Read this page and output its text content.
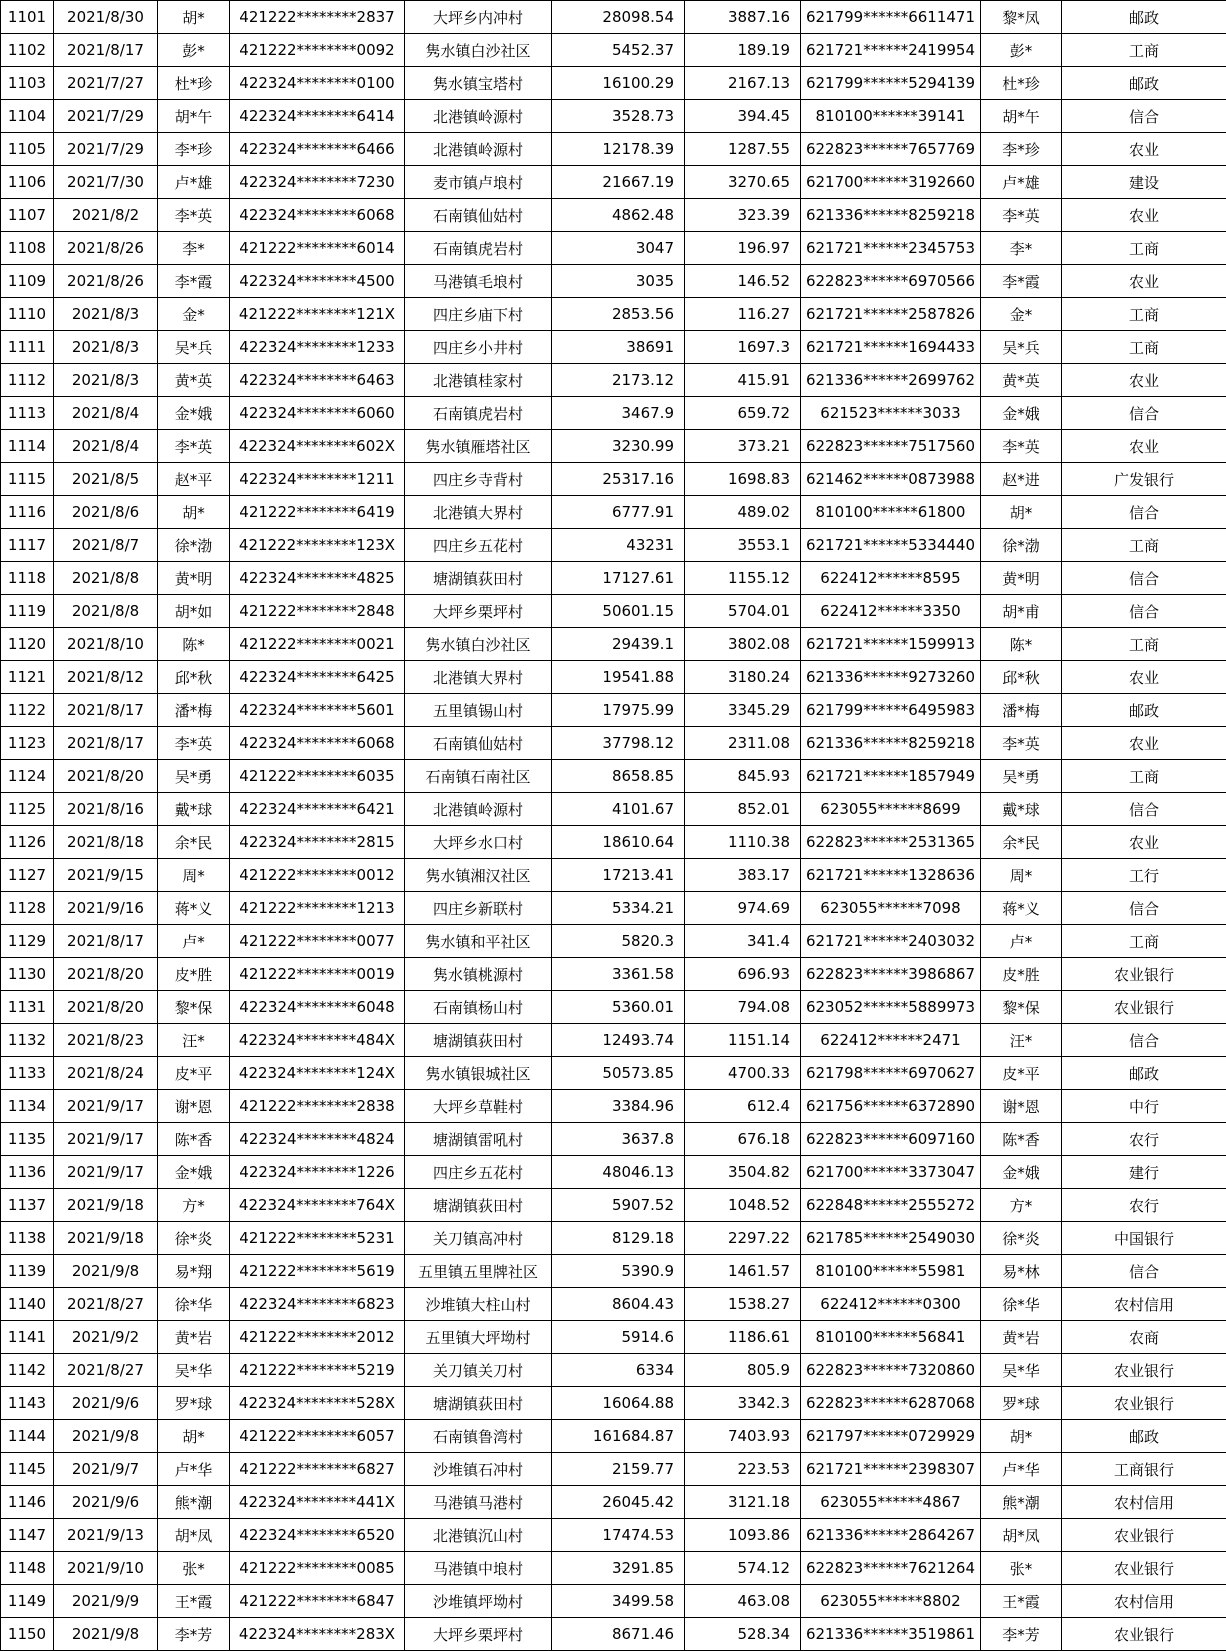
1101	2021/8/30	胡*	421222********2837	大坪乡内冲村	28098.54	3887.16	621799******6611471	黎*凤	邮政
1102	2021/8/17	彭*	421222********0092	隽水镇白沙社区	5452.37	189.19	621721******2419954	彭*	工商
1103	2021/7/27	杜*珍	422324********0100	隽水镇宝塔村	16100.29	2167.13	621799******5294139	杜*珍	邮政
1104	2021/7/29	胡*午	422324********6414	北港镇岭源村	3528.73	394.45	810100******39141	胡*午	信合
1105	2021/7/29	李*珍	422324********6466	北港镇岭源村	12178.39	1287.55	622823******7657769	李*珍	农业
1106	2021/7/30	卢*雄	422324********7230	麦市镇卢埌村	21667.19	3270.65	621700******3192660	卢*雄	建设
1107	2021/8/2	李*英	422324********6068	石南镇仙姑村	4862.48	323.39	621336******8259218	李*英	农业
1108	2021/8/26	李*	421222********6014	石南镇虎岩村	3047	196.97	621721******2345753	李*	工商
1109	2021/8/26	李*霞	422324********4500	马港镇毛埌村	3035	146.52	622823******6970566	李*霞	农业
1110	2021/8/3	金*	421222********121X	四庄乡庙下村	2853.56	116.27	621721******2587826	金*	工商
1111	2021/8/3	吴*兵	422324********1233	四庄乡小井村	38691	1697.3	621721******1694433	吴*兵	工商
1112	2021/8/3	黄*英	422324********6463	北港镇桂家村	2173.12	415.91	621336******2699762	黄*英	农业
1113	2021/8/4	金*娥	422324********6060	石南镇虎岩村	3467.9	659.72	621523******3033	金*娥	信合
1114	2021/8/4	李*英	422324********602X	隽水镇雁塔社区	3230.99	373.21	622823******7517560	李*英	农业
1115	2021/8/5	赵*平	422324********1211	四庄乡寺背村	25317.16	1698.83	621462******0873988	赵*进	广发银行
1116	2021/8/6	胡*	421222********6419	北港镇大界村	6777.91	489.02	810100******61800	胡*	信合
1117	2021/8/7	徐*渤	421222********123X	四庄乡五花村	43231	3553.1	621721******5334440	徐*渤	工商
1118	2021/8/8	黄*明	422324********4825	塘湖镇荻田村	17127.61	1155.12	622412******8595	黄*明	信合
1119	2021/8/8	胡*如	421222********2848	大坪乡栗坪村	50601.15	5704.01	622412******3350	胡*甫	信合
1120	2021/8/10	陈*	421222********0021	隽水镇白沙社区	29439.1	3802.08	621721******1599913	陈*	工商
1121	2021/8/12	邱*秋	422324********6425	北港镇大界村	19541.88	3180.24	621336******9273260	邱*秋	农业
1122	2021/8/17	潘*梅	422324********5601	五里镇锡山村	17975.99	3345.29	621799******6495983	潘*梅	邮政
1123	2021/8/17	李*英	422324********6068	石南镇仙姑村	37798.12	2311.08	621336******8259218	李*英	农业
1124	2021/8/20	吴*勇	421222********6035	石南镇石南社区	8658.85	845.93	621721******1857949	吴*勇	工商
1125	2021/8/16	戴*球	422324********6421	北港镇岭源村	4101.67	852.01	623055******8699	戴*球	信合
1126	2021/8/18	余*民	422324********2815	大坪乡水口村	18610.64	1110.38	622823******2531365	余*民	农业
1127	2021/9/15	周*	421222********0012	隽水镇湘汉社区	17213.41	383.17	621721******1328636	周*	工行
1128	2021/9/16	蒋*义	421222********1213	四庄乡新联村	5334.21	974.69	623055******7098	蒋*义	信合
1129	2021/8/17	卢*	421222********0077	隽水镇和平社区	5820.3	341.4	621721******2403032	卢*	工商
1130	2021/8/20	皮*胜	421222********0019	隽水镇桃源村	3361.58	696.93	622823******3986867	皮*胜	农业银行
1131	2021/8/20	黎*保	422324********6048	石南镇杨山村	5360.01	794.08	623052******5889973	黎*保	农业银行
1132	2021/8/23	汪*	422324********484X	塘湖镇荻田村	12493.74	1151.14	622412******2471	汪*	信合
1133	2021/8/24	皮*平	422324********124X	隽水镇银城社区	50573.85	4700.33	621798******6970627	皮*平	邮政
1134	2021/9/17	谢*恩	421222********2838	大坪乡草鞋村	3384.96	612.4	621756******6372890	谢*恩	中行
1135	2021/9/17	陈*香	422324********4824	塘湖镇雷吼村	3637.8	676.18	622823******6097160	陈*香	农行
1136	2021/9/17	金*娥	422324********1226	四庄乡五花村	48046.13	3504.82	621700******3373047	金*娥	建行
1137	2021/9/18	方*	422324********764X	塘湖镇荻田村	5907.52	1048.52	622848******2555272	方*	农行
1138	2021/9/18	徐*炎	421222********5231	关刀镇高冲村	8129.18	2297.22	621785******2549030	徐*炎	中国银行
1139	2021/9/8	易*翔	421222********5619	五里镇五里牌社区	5390.9	1461.57	810100******55981	易*林	信合
1140	2021/8/27	徐*华	422324********6823	沙堆镇大柱山村	8604.43	1538.27	622412******0300	徐*华	农村信用
1141	2021/9/2	黄*岩	421222********2012	五里镇大坪坳村	5914.6	1186.61	810100******56841	黄*岩	农商
1142	2021/8/27	吴*华	421222********5219	关刀镇关刀村	6334	805.9	622823******7320860	吴*华	农业银行
1143	2021/9/6	罗*球	422324********528X	塘湖镇荻田村	16064.88	3342.3	622823******6287068	罗*球	农业银行
1144	2021/9/8	胡*	421222********6057	石南镇鲁湾村	161684.87	7403.93	621797******0729929	胡*	邮政
1145	2021/9/7	卢*华	421222********6827	沙堆镇石冲村	2159.77	223.53	621721******2398307	卢*华	工商银行
1146	2021/9/6	熊*潮	422324********441X	马港镇马港村	26045.42	3121.18	623055******4867	熊*潮	农村信用
1147	2021/9/13	胡*凤	422324********6520	北港镇沉山村	17474.53	1093.86	621336******2864267	胡*凤	农业银行
1148	2021/9/10	张*	421222********0085	马港镇中埌村	3291.85	574.12	622823******7621264	张*	农业银行
1149	2021/9/9	王*霞	421222********6847	沙堆镇坪坳村	3499.58	463.08	623055******8802	王*霞	农村信用
1150	2021/9/8	李*芳	422324********283X	大坪乡栗坪村	8671.46	528.34	621336******3519861	李*芳	农业银行
